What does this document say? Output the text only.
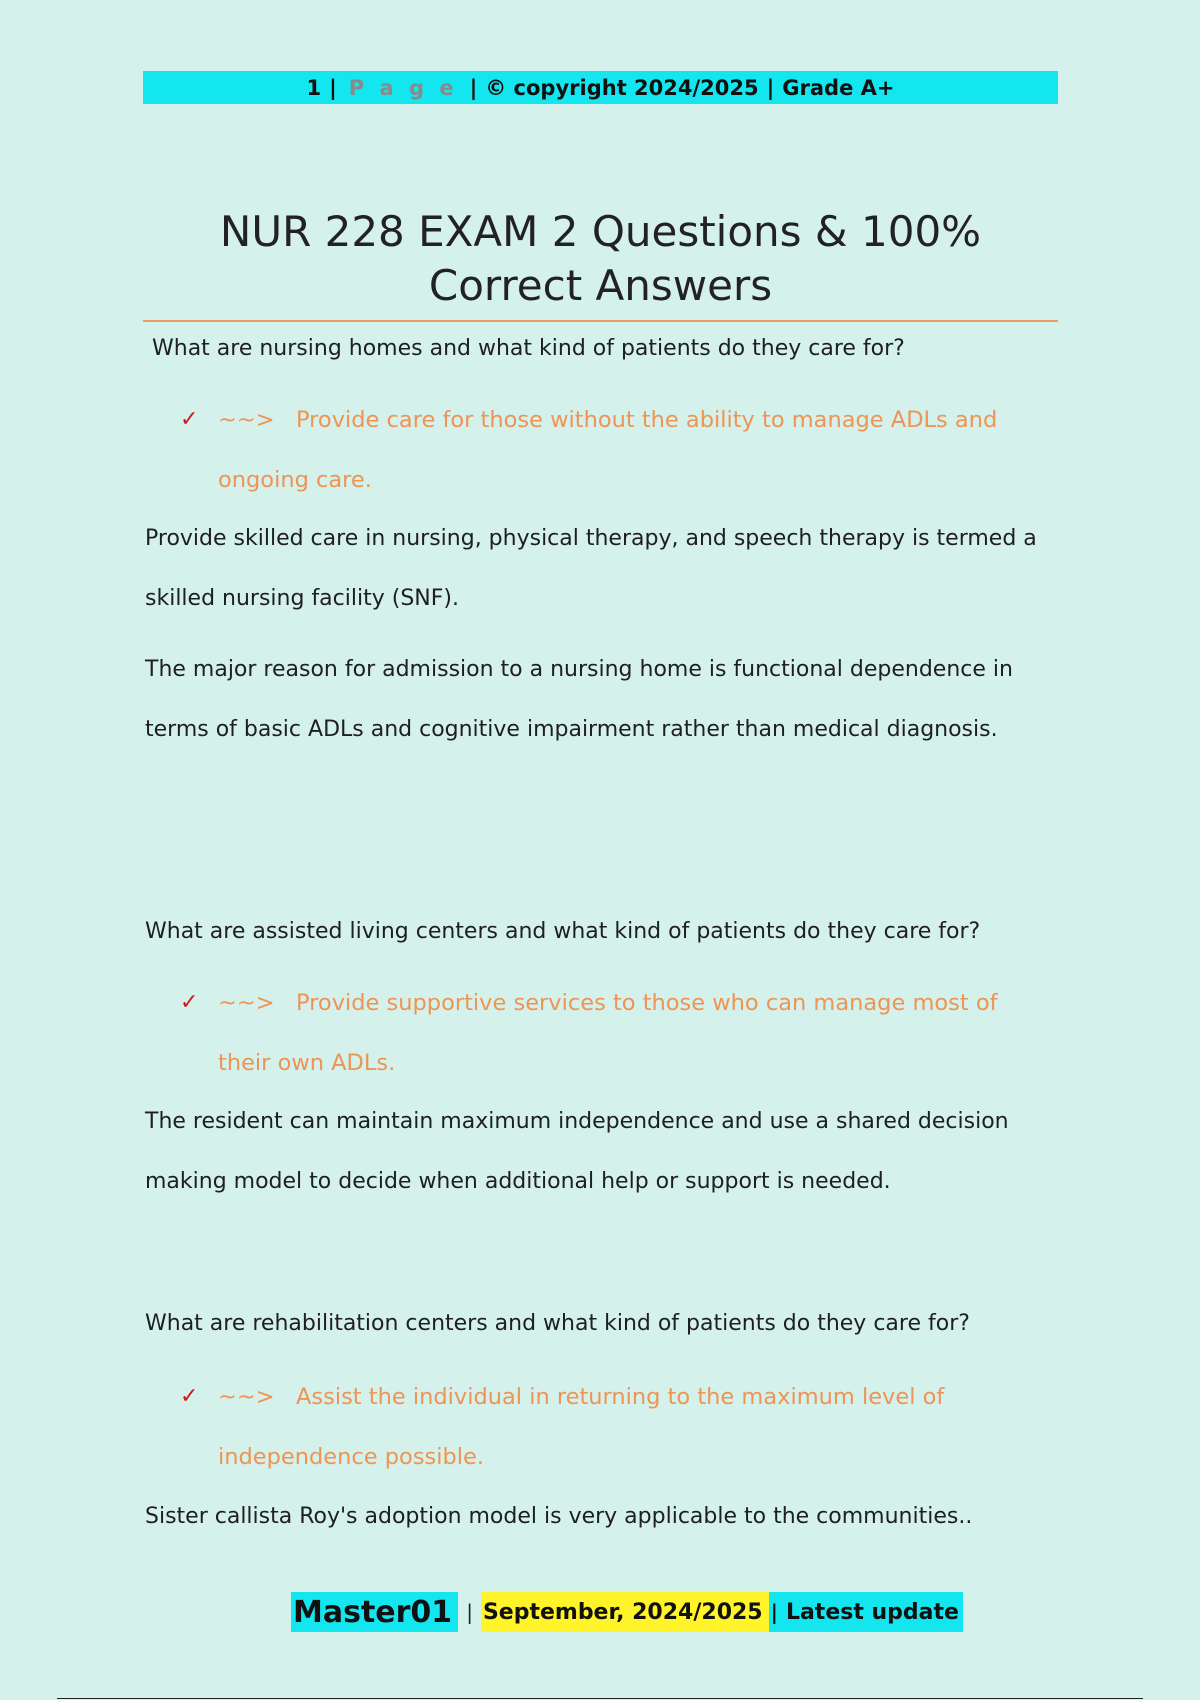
1 | P a g e | © copyright 2024/2025 | Grade A+
NUR 228 EXAM 2 Questions & 100%
Correct Answers
What are nursing homes and what kind of patients do they care for?
✓ ~~> Provide care for those without the ability to manage ADLs and
ongoing care.
Provide skilled care in nursing, physical therapy, and speech therapy is termed a skilled nursing facility (SNF).
The major reason for admission to a nursing home is functional dependence in terms of basic ADLs and cognitive impairment rather than medical diagnosis.
What are assisted living centers and what kind of patients do they care for?
✓ ~~> Provide supportive services to those who can manage most of
their own ADLs.
The resident can maintain maximum independence and use a shared decision making model to decide when additional help or support is needed.
What are rehabilitation centers and what kind of patients do they care for?
✓ ~~> Assist the individual in returning to the maximum level of
independence possible.
Sister callista Roy's adoption model is very applicable to the communities..
Master01 | September, 2024/2025 | Latest update
